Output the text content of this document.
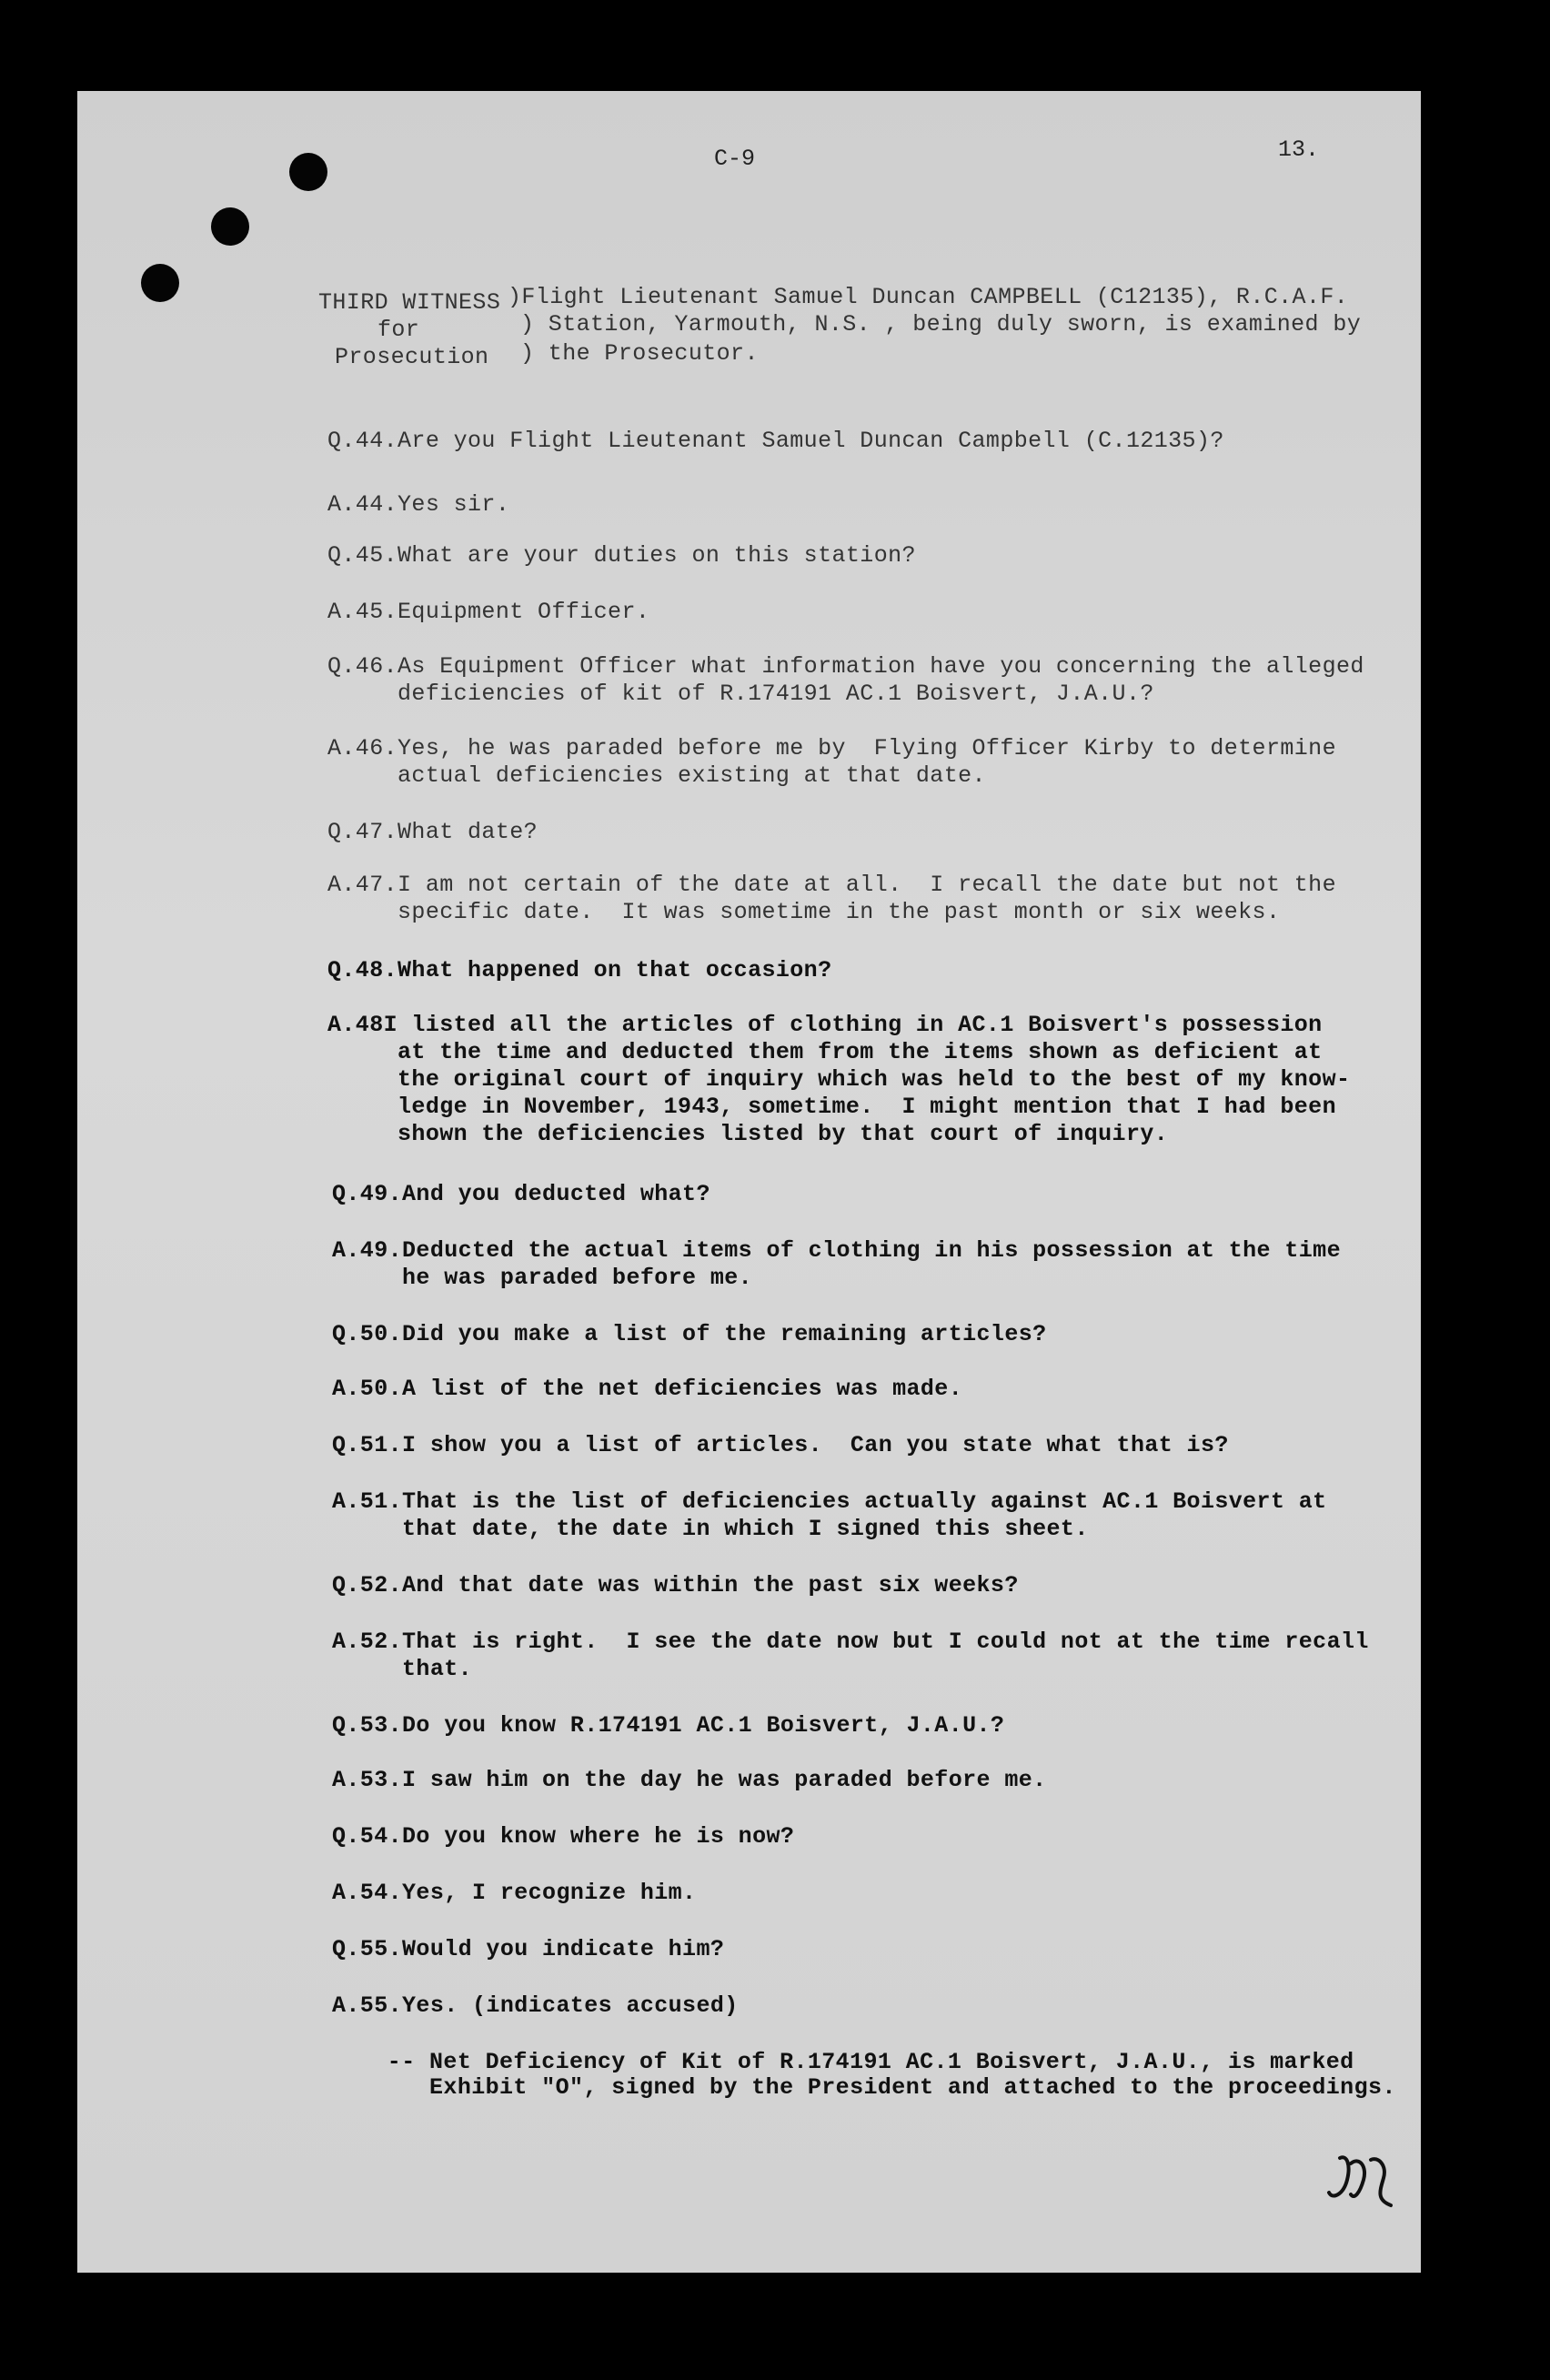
C-9	13.
THIRD WITNESS
for
Prosecution
)Flight Lieutenant Samuel Duncan CAMPBELL (C12135), R.C.A.F.
) Station, Yarmouth, N.S. , being duly sworn, is examined by
) the Prosecutor.
Q.44.Are you Flight Lieutenant Samuel Duncan Campbell (C.12135)?
A.44.Yes sir.
Q.45.What are your duties on this station?
A.45.Equipment Officer.
Q.46.As Equipment Officer what information have you concerning the alleged
deficiencies of kit of R.174191 AC.1 Boisvert, J.A.U.?
A.46.Yes, he was paraded before me by  Flying Officer Kirby to determine
actual deficiencies existing at that date.
Q.47.What date?
A.47.I am not certain of the date at all.  I recall the date but not the
specific date.  It was sometime in the past month or six weeks.
Q.48.What happened on that occasion?
A.48I listed all the articles of clothing in AC.1 Boisvert's possession
at the time and deducted them from the items shown as deficient at
the original court of inquiry which was held to the best of my know-
ledge in November, 1943, sometime.  I might mention that I had been
shown the deficiencies listed by that court of inquiry.
Q.49.And you deducted what?
A.49.Deducted the actual items of clothing in his possession at the time
he was paraded before me.
Q.50.Did you make a list of the remaining articles?
A.50.A list of the net deficiencies was made.
Q.51.I show you a list of articles.  Can you state what that is?
A.51.That is the list of deficiencies actually against AC.1 Boisvert at
that date, the date in which I signed this sheet.
Q.52.And that date was within the past six weeks?
A.52.That is right.  I see the date now but I could not at the time recall
that.
Q.53.Do you know R.174191 AC.1 Boisvert, J.A.U.?
A.53.I saw him on the day he was paraded before me.
Q.54.Do you know where he is now?
A.54.Yes, I recognize him.
Q.55.Would you indicate him?
A.55.Yes. (indicates accused)
-- Net Deficiency of Kit of R.174191 AC.1 Boisvert, J.A.U., is marked
Exhibit "O", signed by the President and attached to the proceedings.
